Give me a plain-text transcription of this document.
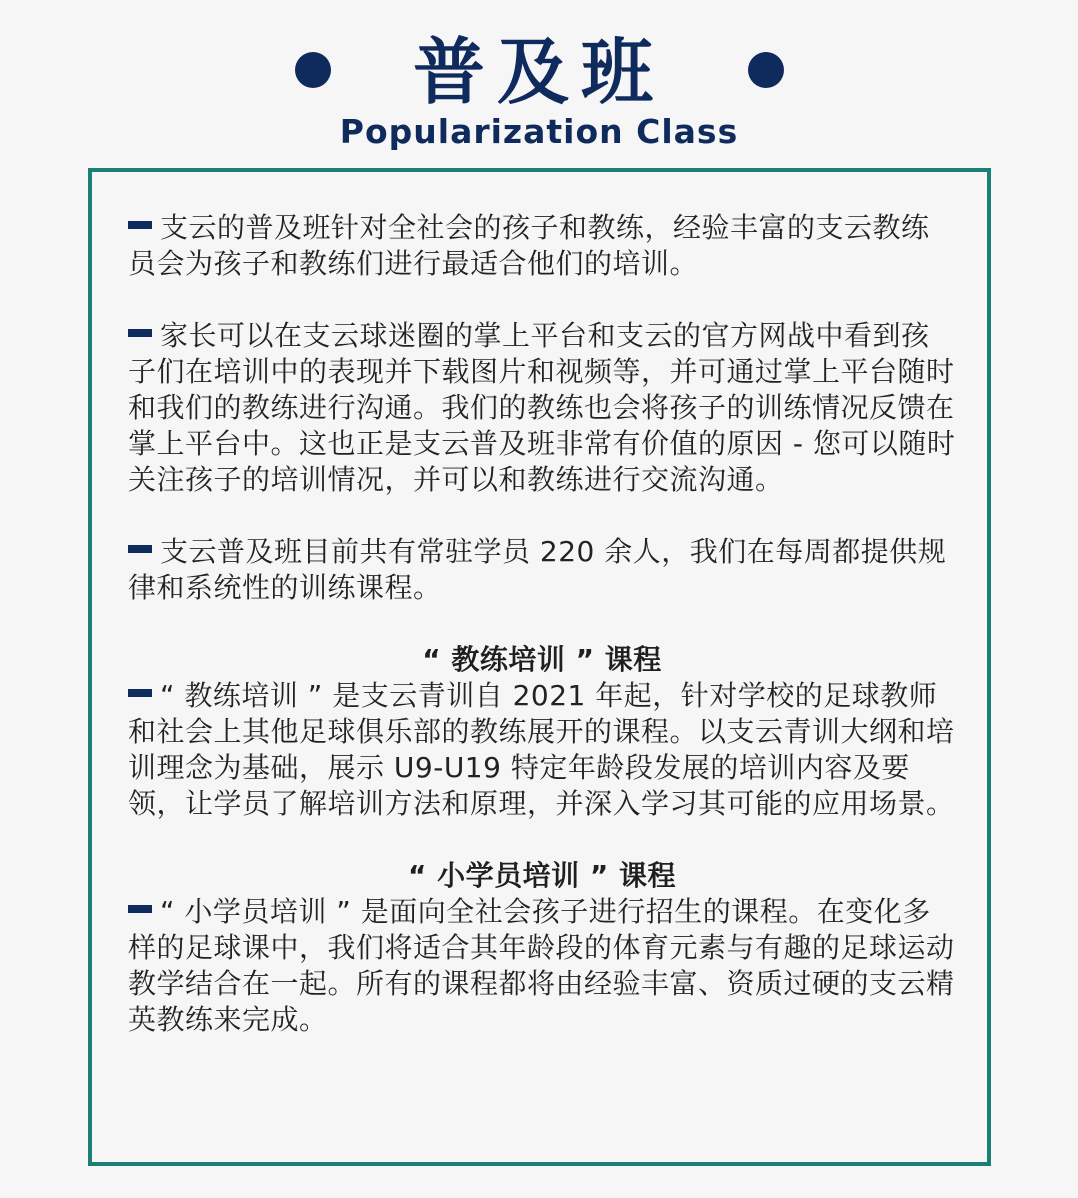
普及班
Popularization Class

支云的普及班针对全社会的孩子和教练，经验丰富的支云教练员会为孩子和教练们进行最适合他们的培训。

家长可以在支云球迷圈的掌上平台和支云的官方网战中看到孩子们在培训中的表现并下载图片和视频等，并可通过掌上平台随时和我们的教练进行沟通。我们的教练也会将孩子的训练情况反馈在掌上平台中。这也正是支云普及班非常有价值的原因 - 您可以随时关注孩子的培训情况，并可以和教练进行交流沟通。

支云普及班目前共有常驻学员 220 余人，我们在每周都提供规律和系统性的训练课程。

“ 教练培训 ” 课程

“ 教练培训 ” 是支云青训自 2021 年起，针对学校的足球教师和社会上其他足球俱乐部的教练展开的课程。以支云青训大纲和培训理念为基础，展示 U9-U19 特定年龄段发展的培训内容及要领，让学员了解培训方法和原理，并深入学习其可能的应用场景。

“ 小学员培训 ” 课程

“ 小学员培训 ” 是面向全社会孩子进行招生的课程。在变化多样的足球课中，我们将适合其年龄段的体育元素与有趣的足球运动教学结合在一起。所有的课程都将由经验丰富、资质过硬的支云精英教练来完成。
